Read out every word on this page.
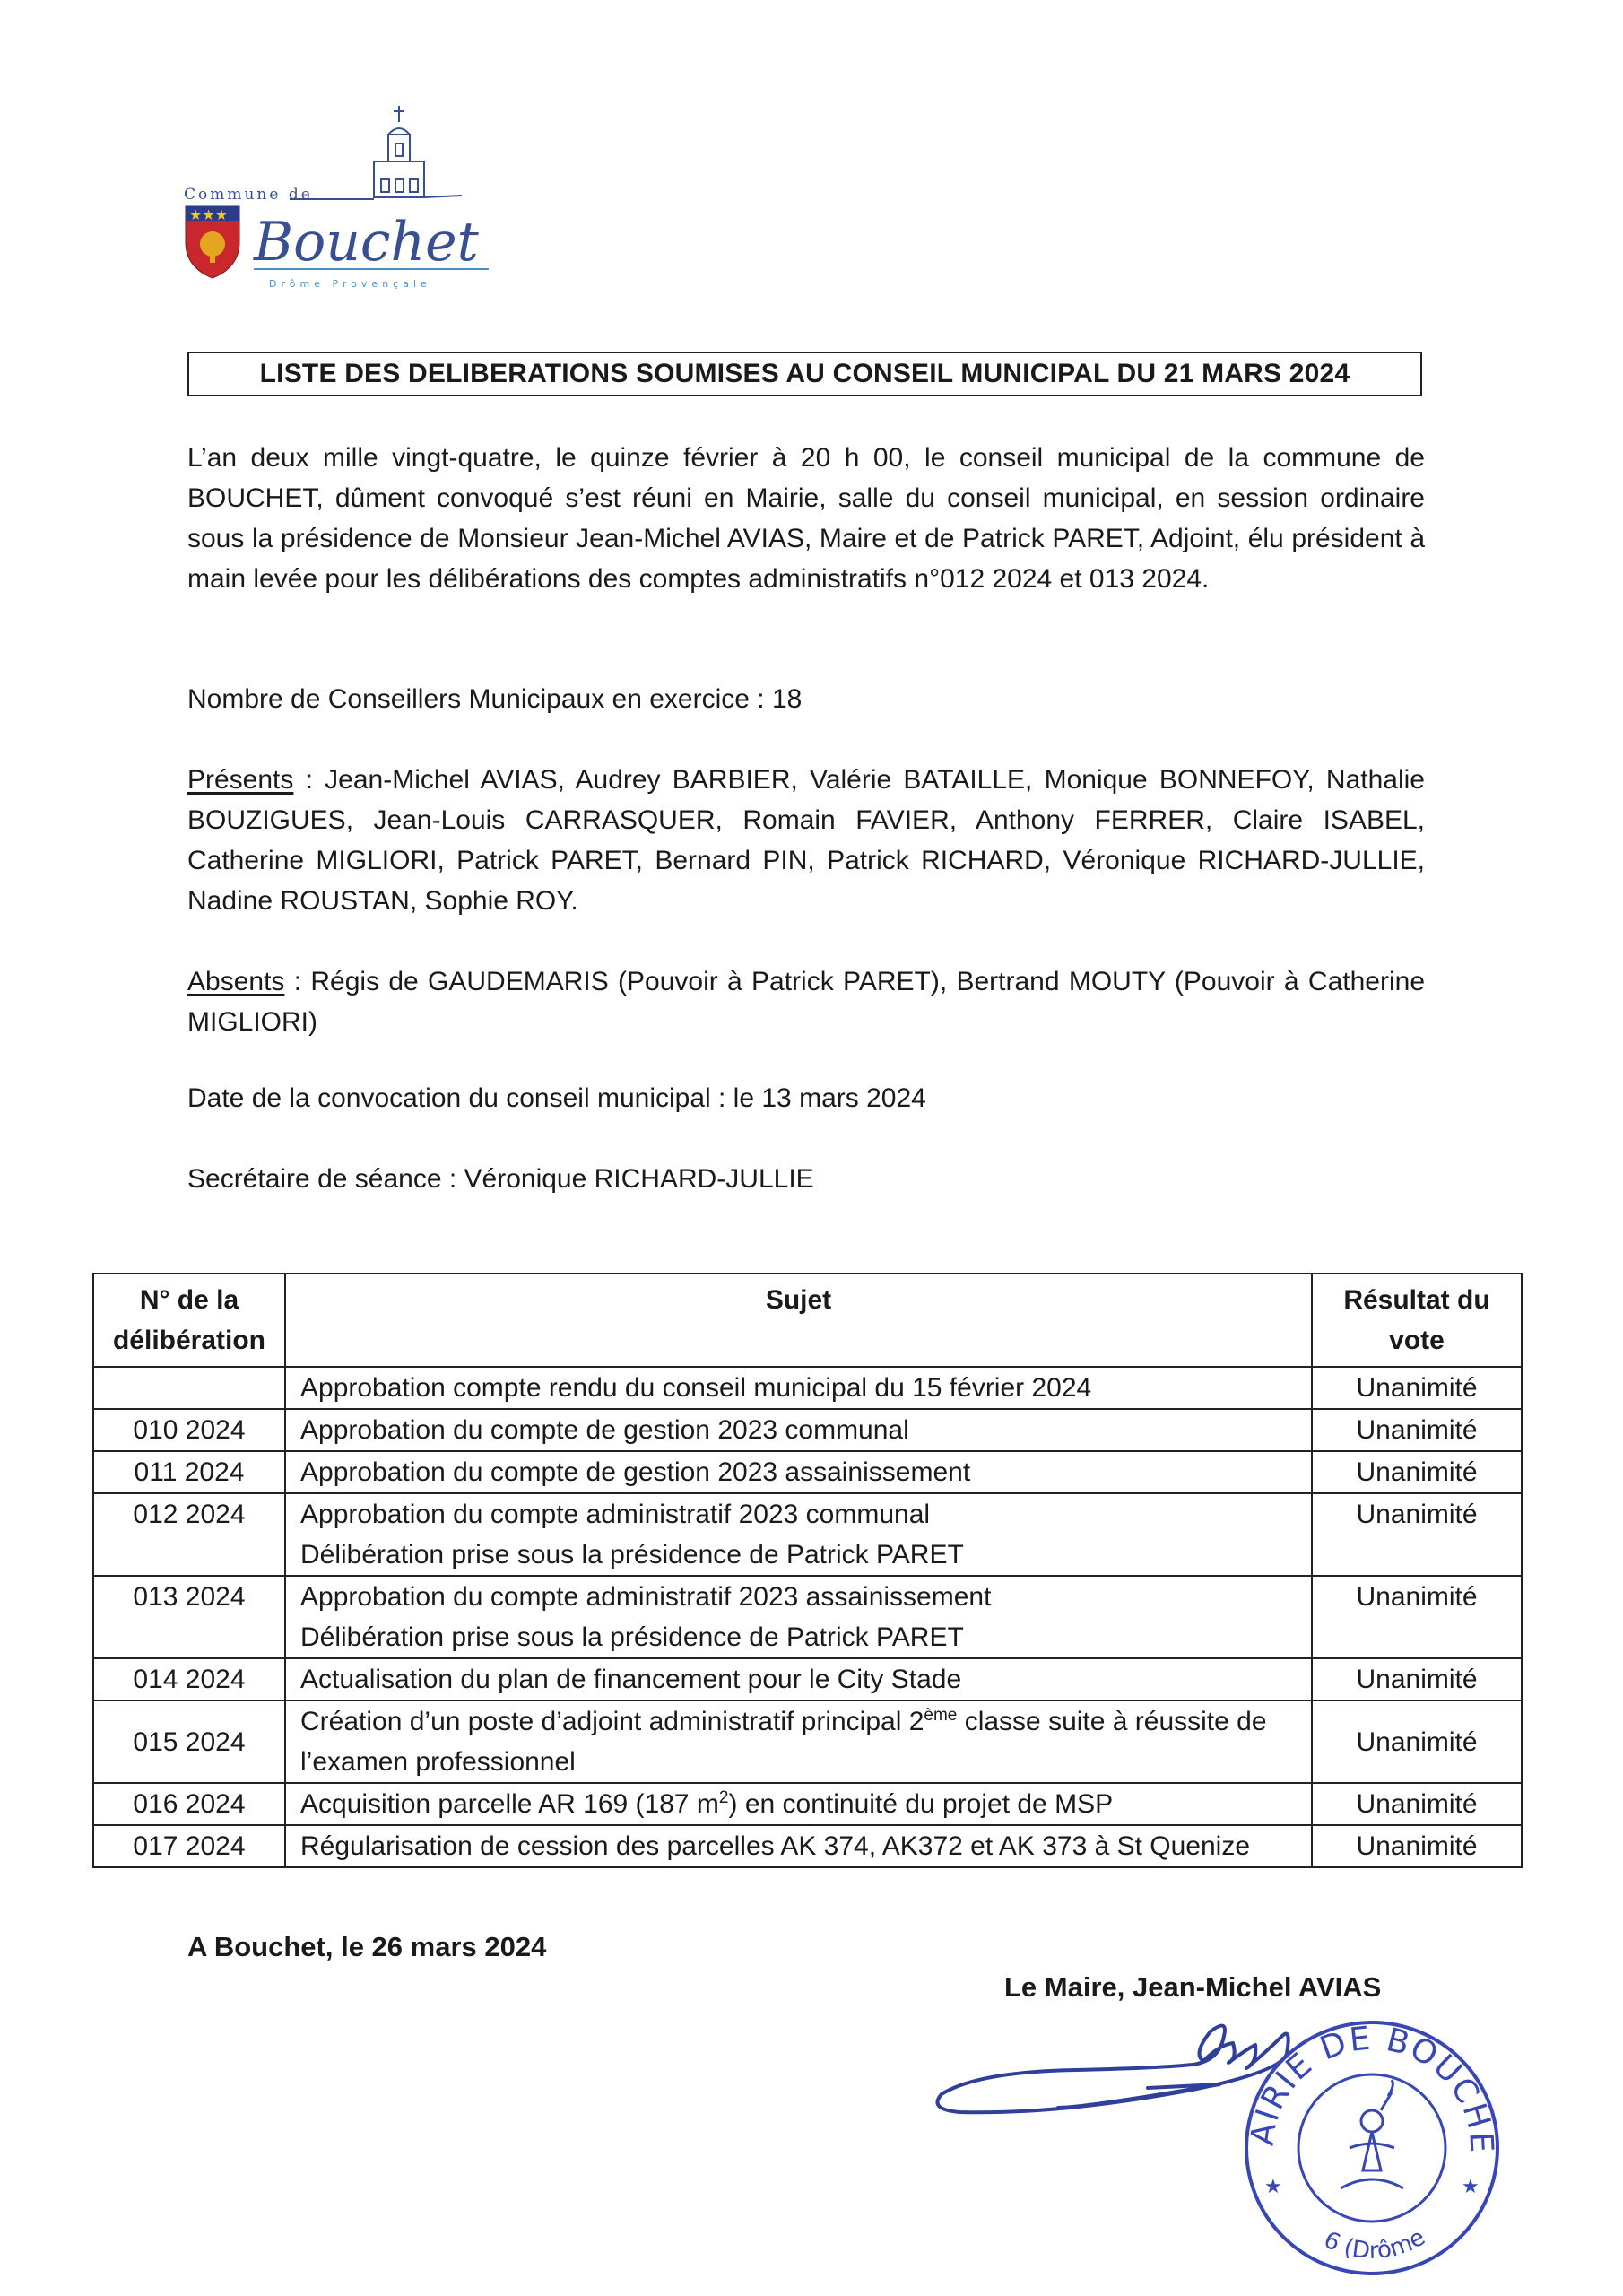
Commune de
★★★ Bouchet
Drôme Provençale
LISTE DES DELIBERATIONS SOUMISES AU CONSEIL MUNICIPAL DU 21 MARS 2024
L’an deux mille vingt-quatre, le quinze février à 20 h 00, le conseil municipal de la commune de BOUCHET, dûment convoqué s’est réuni en Mairie, salle du conseil municipal, en session ordinaire sous la présidence de Monsieur Jean-Michel AVIAS, Maire et de Patrick PARET, Adjoint, élu président à main levée pour les délibérations des comptes administratifs n°012 2024 et 013 2024.
Nombre de Conseillers Municipaux en exercice : 18
Présents : Jean-Michel AVIAS, Audrey BARBIER, Valérie BATAILLE, Monique BONNEFOY, Nathalie BOUZIGUES, Jean-Louis CARRASQUER, Romain FAVIER, Anthony FERRER, Claire ISABEL, Catherine MIGLIORI, Patrick PARET, Bernard PIN, Patrick RICHARD, Véronique RICHARD-JULLIE, Nadine ROUSTAN, Sophie ROY.
Absents : Régis de GAUDEMARIS (Pouvoir à Patrick PARET), Bertrand MOUTY (Pouvoir à Catherine MIGLIORI)
Date de la convocation du conseil municipal : le 13 mars 2024
Secrétaire de séance : Véronique RICHARD-JULLIE
N° de la
délibération	Sujet	Résultat du
vote
	Approbation compte rendu du conseil municipal du 15 février 2024	Unanimité
010 2024	Approbation du compte de gestion 2023 communal	Unanimité
011 2024	Approbation du compte de gestion 2023 assainissement	Unanimité
012 2024	Approbation du compte administratif 2023 communal
Délibération prise sous la présidence de Patrick PARET	Unanimité
013 2024	Approbation du compte administratif 2023 assainissement
Délibération prise sous la présidence de Patrick PARET	Unanimité
014 2024	Actualisation du plan de financement pour le City Stade	Unanimité
015 2024	Création d’un poste d’adjoint administratif principal 2ème classe suite à réussite de l’examen professionnel	Unanimité
016 2024	Acquisition parcelle AR 169 (187 $m^2$) en continuité du projet de MSP	Unanimité
017 2024	Régularisation de cession des parcelles AK 374, AK372 et AK 373 à St Quenize	Unanimité
A Bouchet, le 26 mars 2024
Le Maire, Jean-Michel AVIAS
AIRIE DE BOUCHE
6 (Drôme
★	★
